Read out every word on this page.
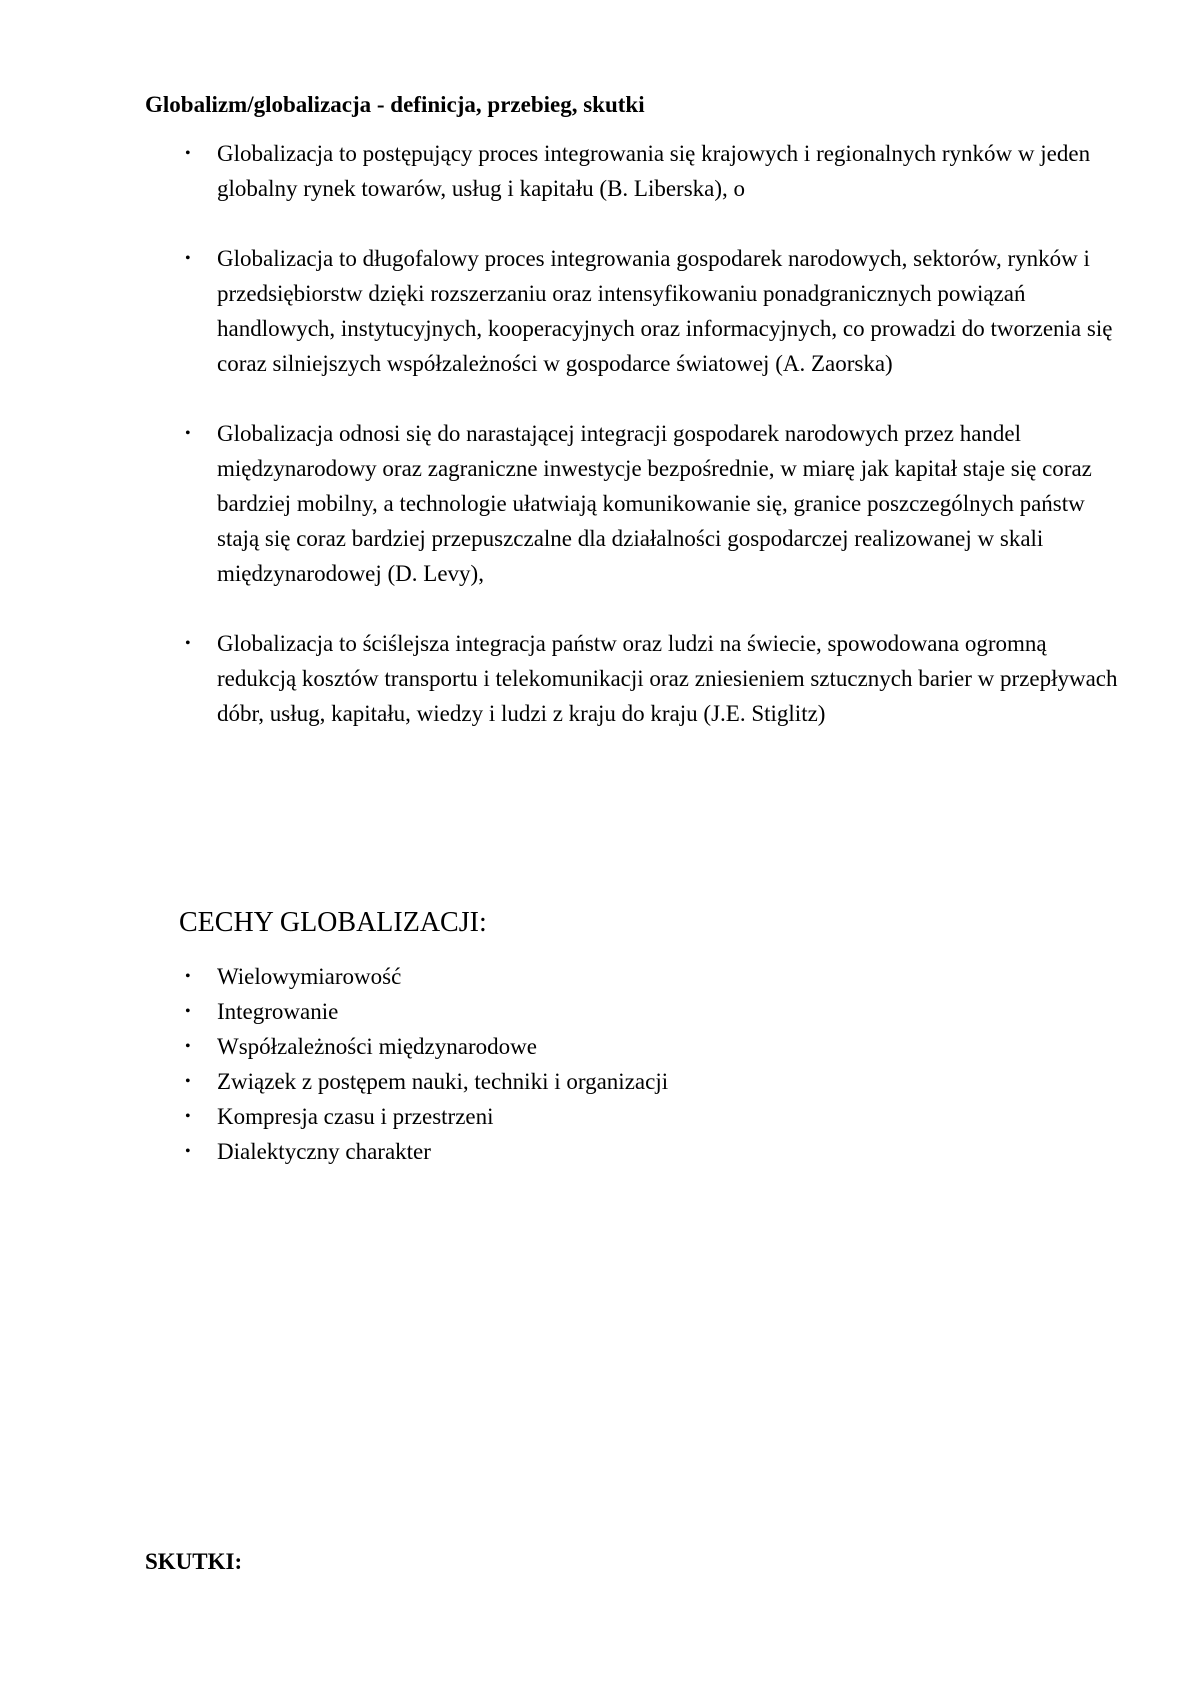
Globalizm/globalizacja - definicja, przebieg, skutki
• Globalizacja to postępujący proces integrowania się krajowych i regionalnych rynków w jeden globalny rynek towarów, usług i kapitału (B. Liberska), o
• Globalizacja to długofalowy proces integrowania gospodarek narodowych, sektorów, rynków i przedsiębiorstw dzięki rozszerzaniu oraz intensyfikowaniu ponadgranicznych powiązań handlowych, instytucyjnych, kooperacyjnych oraz informacyjnych, co prowadzi do tworzenia się coraz silniejszych współzależności w gospodarce światowej (A. Zaorska)
• Globalizacja odnosi się do narastającej integracji gospodarek narodowych przez handel międzynarodowy oraz zagraniczne inwestycje bezpośrednie, w miarę jak kapitał staje się coraz bardziej mobilny, a technologie ułatwiają komunikowanie się, granice poszczególnych państw stają się coraz bardziej przepuszczalne dla działalności gospodarczej realizowanej w skali międzynarodowej (D. Levy),
• Globalizacja to ściślejsza integracja państw oraz ludzi na świecie, spowodowana ogromną redukcją kosztów transportu i telekomunikacji oraz zniesieniem sztucznych barier w przepływach dóbr, usług, kapitału, wiedzy i ludzi z kraju do kraju (J.E. Stiglitz)
CECHY GLOBALIZACJI:
• Wielowymiarowość
• Integrowanie
• Współzależności międzynarodowe
• Związek z postępem nauki, techniki i organizacji
• Kompresja czasu i przestrzeni
• Dialektyczny charakter
SKUTKI:
